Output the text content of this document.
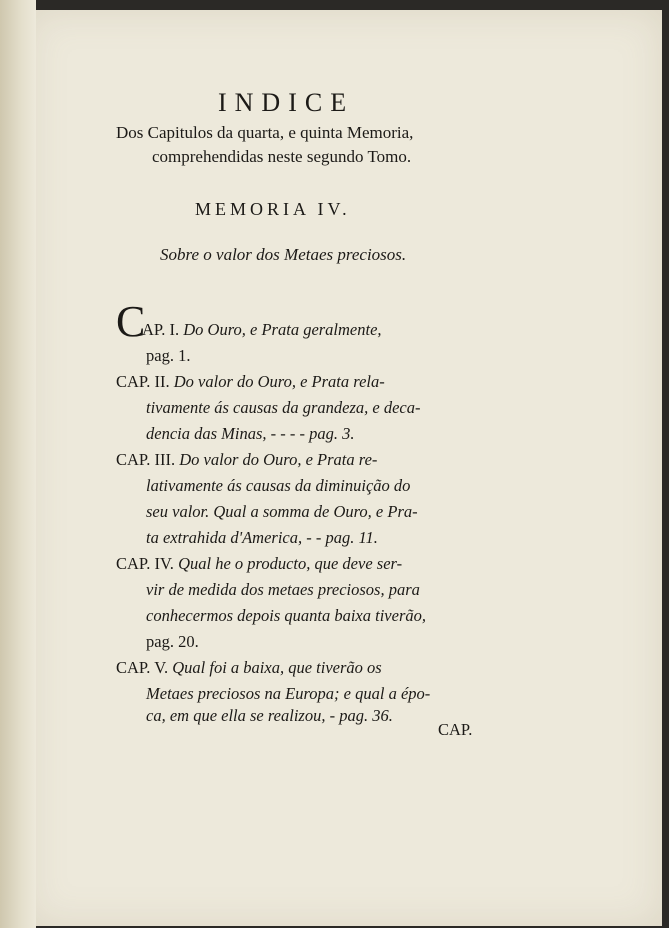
INDICE
Dos Capitulos da quarta, e quinta Memoria,
comprehendidas neste segundo Tomo.
MEMORIA IV.
Sobre o valor dos Metaes preciosos.
C
AP. I. Do Ouro, e Prata geralmente,
pag. 1.
CAP. II. Do valor do Ouro, e Prata rela-
tivamente ás causas da grandeza, e deca-
dencia das Minas, - - - - pag. 3.
CAP. III. Do valor do Ouro, e Prata re-
lativamente ás causas da diminuição do
seu valor. Qual a somma de Ouro, e Pra-
ta extrahida d'America, - - pag. 11.
CAP. IV. Qual he o producto, que deve ser-
vir de medida dos metaes preciosos, para
conhecermos depois quanta baixa tiverão,
pag. 20.
CAP. V. Qual foi a baixa, que tiverão os
Metaes preciosos na Europa; e qual a épo-
ca, em que ella se realizou, - pag. 36.
CAP.
